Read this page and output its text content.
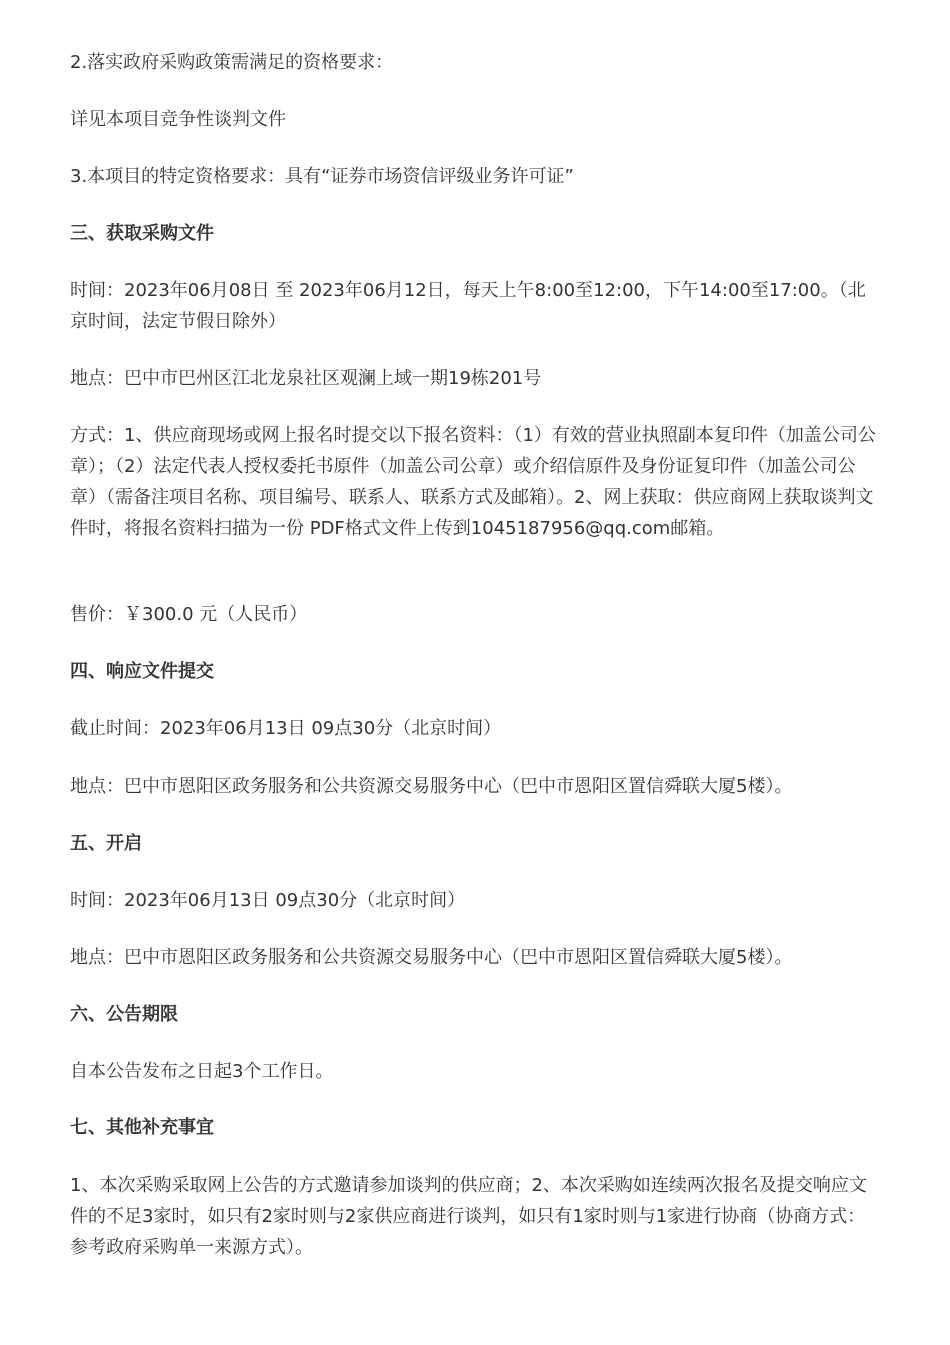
2.落实政府采购政策需满足的资格要求：

详见本项目竞争性谈判文件

3.本项目的特定资格要求：具有“证券市场资信评级业务许可证”

三、获取采购文件

时间：2023年06月08日 至 2023年06月12日，每天上午8:00至12:00，下午14:00至17:00。（北京时间，法定节假日除外）

地点：巴中市巴州区江北龙泉社区观澜上域一期19栋201号

方式：1、供应商现场或网上报名时提交以下报名资料：（1）有效的营业执照副本复印件（加盖公司公章）；（2）法定代表人授权委托书原件（加盖公司公章）或介绍信原件及身份证复印件（加盖公司公章）（需备注项目名称、项目编号、联系人、联系方式及邮箱）。2、网上获取：供应商网上获取谈判文件时，将报名资料扫描为一份 PDF格式文件上传到1045187956@qq.com邮箱。

售价：￥300.0 元（人民币）

四、响应文件提交

截止时间：2023年06月13日 09点30分（北京时间）

地点：巴中市恩阳区政务服务和公共资源交易服务中心（巴中市恩阳区置信舜联大厦5楼）。

五、开启

时间：2023年06月13日 09点30分（北京时间）

地点：巴中市恩阳区政务服务和公共资源交易服务中心（巴中市恩阳区置信舜联大厦5楼）。

六、公告期限

自本公告发布之日起3个工作日。

七、其他补充事宜

1、本次采购采取网上公告的方式邀请参加谈判的供应商；2、本次采购如连续两次报名及提交响应文件的不足3家时，如只有2家时则与2家供应商进行谈判，如只有1家时则与1家进行协商（协商方式：参考政府采购单一来源方式）。
